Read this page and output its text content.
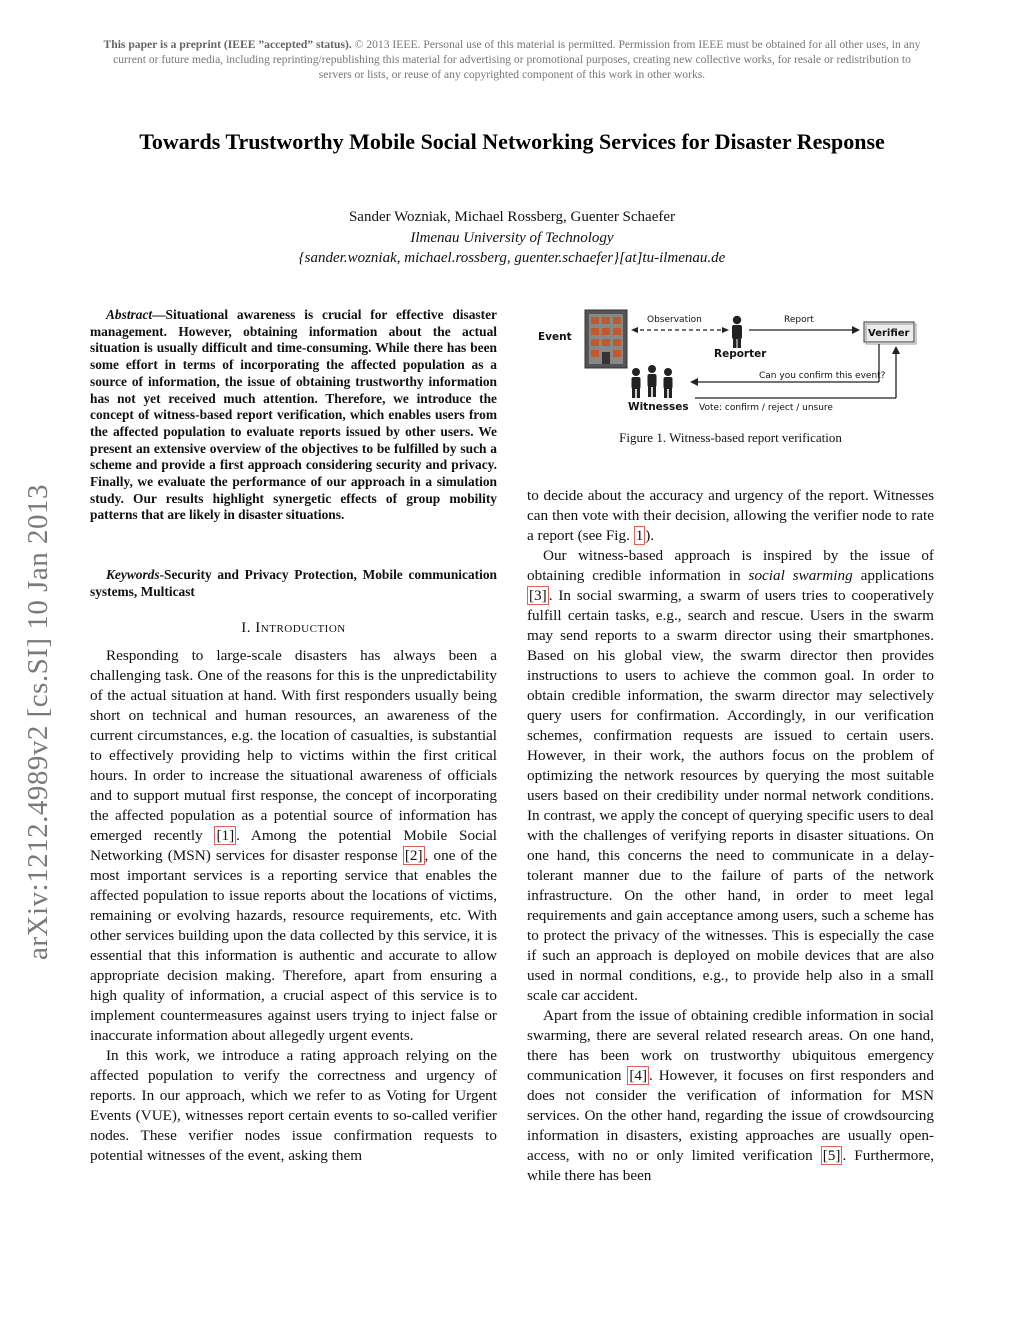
This paper is a preprint (IEEE ”accepted” status). © 2013 IEEE. Personal use of this material is permitted. Permission from IEEE must be obtained for all other uses, in any current or future media, including reprinting/republishing this material for advertising or promotional purposes, creating new collective works, for resale or redistribution to servers or lists, or reuse of any copyrighted component of this work in other works.
arXiv:1212.4989v2 [cs.SI] 10 Jan 2013
Towards Trustworthy Mobile Social Networking Services for Disaster Response
Sander Wozniak, Michael Rossberg, Guenter Schaefer
Ilmenau University of Technology
{sander.wozniak, michael.rossberg, guenter.schaefer}[at]tu-ilmenau.de
Abstract—Situational awareness is crucial for effective disaster management. However, obtaining information about the actual situation is usually difficult and time-consuming. While there has been some effort in terms of incorporating the affected population as a source of information, the issue of obtaining trustworthy information has not yet received much attention. Therefore, we introduce the concept of witness-based report verification, which enables users from the affected population to evaluate reports issued by other users. We present an extensive overview of the objectives to be fulfilled by such a scheme and provide a first approach considering security and privacy. Finally, we evaluate the performance of our approach in a simulation study. Our results highlight synergetic effects of group mobility patterns that are likely in disaster situations.
Keywords-Security and Privacy Protection, Mobile communication systems, Multicast
I. Introduction

Responding to large-scale disasters has always been a challenging task. One of the reasons for this is the unpredictability of the actual situation at hand. With first responders usually being short on technical and human resources, an awareness of the current circumstances, e.g. the location of casualties, is substantial to effectively providing help to victims within the first critical hours. In order to increase the situational awareness of officials and to support mutual first response, the concept of incorporating the affected population as a potential source of information has emerged recently [1] . Among the potential Mobile Social Networking (MSN) services for disaster response [2] , one of the most important services is a reporting service that enables the affected population to issue reports about the locations of victims, remaining or evolving hazards, resource requirements, etc. With other services building upon the data collected by this service, it is essential that this information is authentic and accurate to allow appropriate decision making. Therefore, apart from ensuring a high quality of information, a crucial aspect of this service is to implement countermeasures against users trying to inject false or inaccurate information about allegedly urgent events.

In this work, we introduce a rating approach relying on the affected population to verify the correctness and urgency of reports. In our approach, which we refer to as Voting for Urgent Events (VUE), witnesses report certain events to so-called verifier nodes. These verifier nodes issue confirmation requests to potential witnesses of the event, asking them

Event
Observation
Reporter
Report
Verifier
Can you confirm this event?
Vote: confirm / reject / unsure
Witnesses
Figure 1. Witness-based report verification

to decide about the accuracy and urgency of the report. Witnesses can then vote with their decision, allowing the verifier node to rate a report (see Fig. 1 ).

Our witness-based approach is inspired by the issue of obtaining credible information in social swarming applications [3] . In social swarming, a swarm of users tries to cooperatively fulfill certain tasks, e.g., search and rescue. Users in the swarm may send reports to a swarm director using their smartphones. Based on his global view, the swarm director then provides instructions to users to achieve the common goal. In order to obtain credible information, the swarm director may selectively query users for confirmation. Accordingly, in our verification schemes, confirmation requests are issued to certain users. However, in their work, the authors focus on the problem of optimizing the network resources by querying the most suitable users based on their credibility under normal network conditions. In contrast, we apply the concept of querying specific users to deal with the challenges of verifying reports in disaster situations. On one hand, this concerns the need to communicate in a delay-tolerant manner due to the failure of parts of the network infrastructure. On the other hand, in order to meet legal requirements and gain acceptance among users, such a scheme has to protect the privacy of the witnesses. This is especially the case if such an approach is deployed on mobile devices that are also used in normal conditions, e.g., to provide help also in a small scale car accident.

Apart from the issue of obtaining credible information in social swarming, there are several related research areas. On one hand, there has been work on trustworthy ubiquitous emergency communication [4] . However, it focuses on first responders and does not consider the verification of information for MSN services. On the other hand, regarding the issue of crowdsourcing information in disasters, existing approaches are usually open-access, with no or only limited verification [5] . Furthermore, while there has been
